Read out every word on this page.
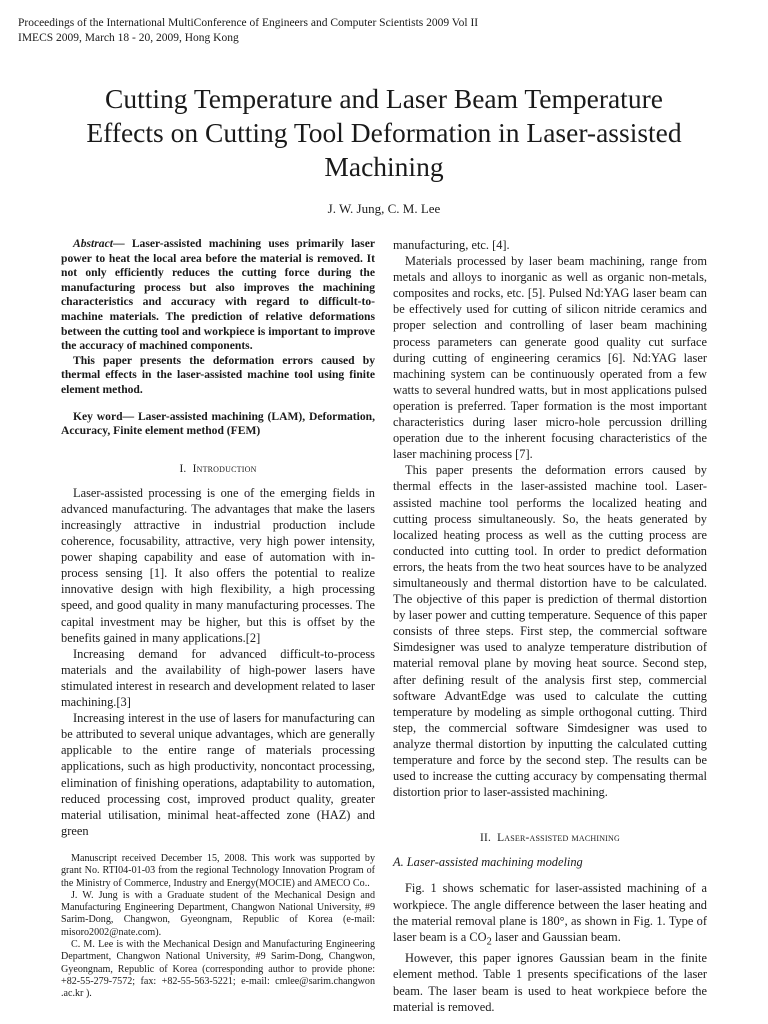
Proceedings of the International MultiConference of Engineers and Computer Scientists 2009 Vol II
IMECS 2009, March 18 - 20, 2009, Hong Kong
Cutting Temperature and Laser Beam Temperature Effects on Cutting Tool Deformation in Laser-assisted Machining
J. W. Jung, C. M. Lee

Abstract— Laser-assisted machining uses primarily laser power to heat the local area before the material is removed. It not only efficiently reduces the cutting force during the manufacturing process but also improves the machining characteristics and accuracy with regard to difficult-to-machine materials. The prediction of relative deformations between the cutting tool and workpiece is important to improve the accuracy of machined components.

This paper presents the deformation errors caused by thermal effects in the laser-assisted machine tool using finite element method.

Key word— Laser-assisted machining (LAM), Deformation, Accuracy, Finite element method (FEM)

I. Introduction

Laser-assisted processing is one of the emerging fields in advanced manufacturing. The advantages that make the lasers increasingly attractive in industrial production include coherence, focusability, attractive, very high power intensity, power shaping capability and ease of automation with in-process sensing [1]. It also offers the potential to realize innovative design with high flexibility, a high processing speed, and good quality in many manufacturing processes. The capital investment may be higher, but this is offset by the benefits gained in many applications.[2]

Increasing demand for advanced difficult-to-process materials and the availability of high-power lasers have stimulated interest in research and development related to laser machining.[3]

Increasing interest in the use of lasers for manufacturing can be attributed to several unique advantages, which are generally applicable to the entire range of materials processing applications, such as high productivity, noncontact processing, elimination of finishing operations, adaptability to automation, reduced processing cost, improved product quality, greater material utilisation, minimal heat-affected zone (HAZ) and green

Manuscript received December 15, 2008. This work was supported by grant No. RTI04-01-03 from the regional Technology Innovation Program of the Ministry of Commerce, Industry and Energy(MOCIE) and AMECO Co..

J. W. Jung is with a Graduate student of the Mechanical Design and Manufacturing Engineering Department, Changwon National University, #9 Sarim-Dong, Changwon, Gyeongnam, Republic of Korea (e-mail: misoro2002@nate.com).

C. M. Lee is with the Mechanical Design and Manufacturing Engineering Department, Changwon National University, #9 Sarim-Dong, Changwon, Gyeongnam, Republic of Korea (corresponding author to provide phone: +82-55-279-7572; fax: +82-55-563-5221; e-mail: cmlee@sarim.changwon .ac.kr ).

manufacturing, etc. [4].

Materials processed by laser beam machining, range from metals and alloys to inorganic as well as organic non-metals, composites and rocks, etc. [5]. Pulsed Nd:YAG laser beam can be effectively used for cutting of silicon nitride ceramics and proper selection and controlling of laser beam machining process parameters can generate good quality cut surface during cutting of engineering ceramics [6]. Nd:YAG laser machining system can be continuously operated from a few watts to several hundred watts, but in most applications pulsed operation is preferred. Taper formation is the most important characteristics during laser micro-hole percussion drilling operation due to the inherent focusing characteristics of the laser machining process [7].

This paper presents the deformation errors caused by thermal effects in the laser-assisted machine tool. Laser-assisted machine tool performs the localized heating and cutting process simultaneously. So, the heats generated by localized heating process as well as the cutting process are conducted into cutting tool. In order to predict deformation errors, the heats from the two heat sources have to be analyzed simultaneously and thermal distortion have to be calculated. The objective of this paper is prediction of thermal distortion by laser power and cutting temperature. Sequence of this paper consists of three steps. First step, the commercial software Simdesigner was used to analyze temperature distribution of material removal plane by moving heat source. Second step, after defining result of the analysis first step, commercial software AdvantEdge was used to calculate the cutting temperature by modeling as simple orthogonal cutting. Third step, the commercial software Simdesigner was used to analyze thermal distortion by inputting the calculated cutting temperature and force by the second step. The results can be used to increase the cutting accuracy by compensating thermal distortion prior to laser-assisted machining.

II. Laser-assisted machining

A. Laser-assisted machining modeling

Fig. 1 shows schematic for laser-assisted machining of a workpiece. The angle difference between the laser heating and the material removal plane is 180°, as shown in Fig. 1. Type of laser beam is a $CO_2$ laser and Gaussian beam.

However, this paper ignores Gaussian beam in the finite element method. Table 1 presents specifications of the laser beam. The laser beam is used to heat workpiece before the material is removed.
